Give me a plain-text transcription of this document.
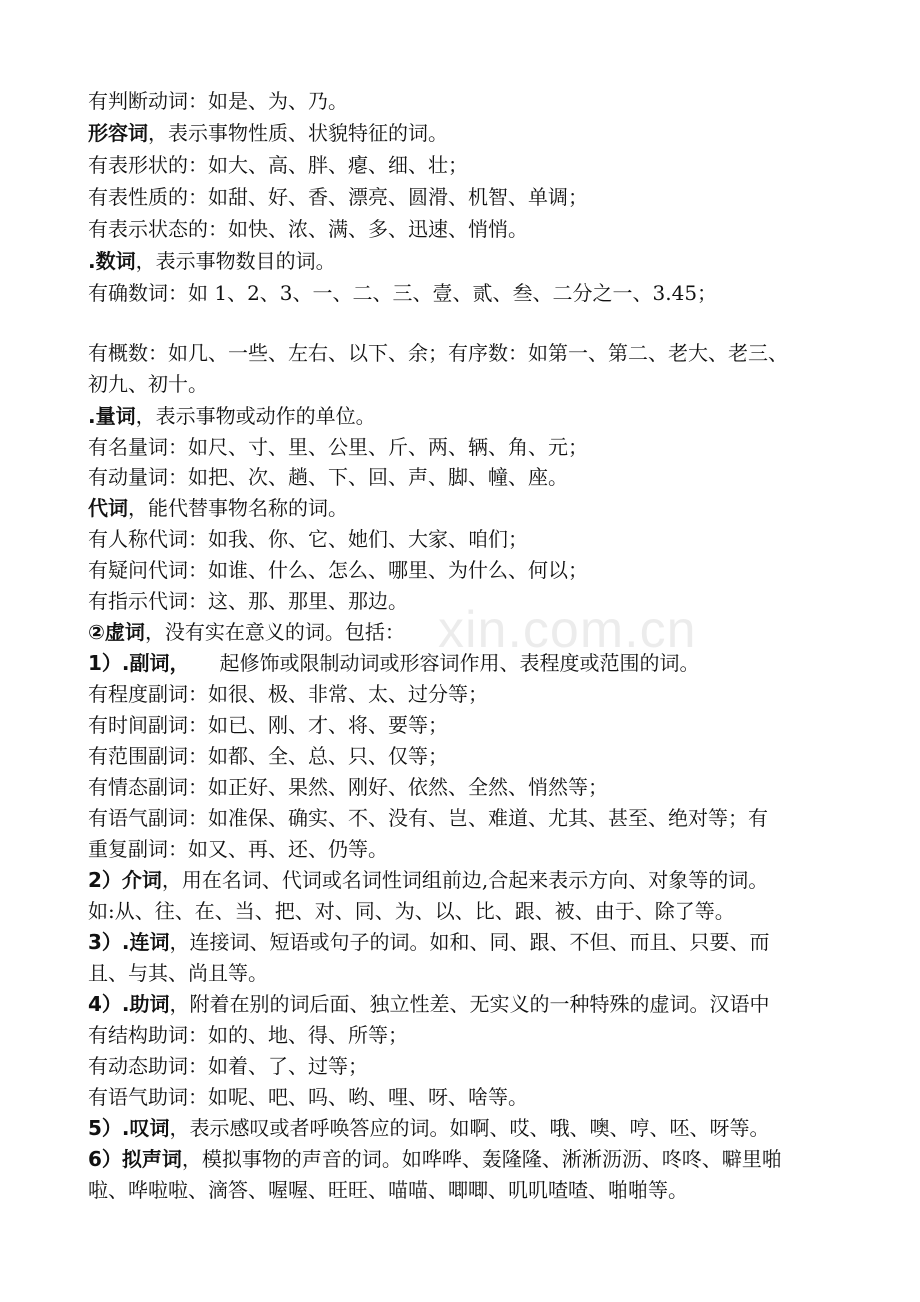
xin.com.cn
有判断动词：如是、为、乃。
形容词，表示事物性质、状貌特征的词。
有表形状的：如大、高、胖、瘪、细、壮；
有表性质的：如甜、好、香、漂亮、圆滑、机智、单调；
有表示状态的：如快、浓、满、多、迅速、悄悄。
.数词，表示事物数目的词。
有确数词：如 1、2、3、一、二、三、壹、贰、叁、二分之一、3.45；
有概数：如几、一些、左右、以下、余；有序数：如第一、第二、老大、老三、
初九、初十。
.量词，表示事物或动作的单位。
有名量词：如尺、寸、里、公里、斤、两、辆、角、元；
有动量词：如把、次、趟、下、回、声、脚、幢、座。
代词，能代替事物名称的词。
有人称代词：如我、你、它、她们、大家、咱们；
有疑问代词：如谁、什么、怎么、哪里、为什么、何以；
有指示代词：这、那、那里、那边。
②虚词，没有实在意义的词。包括：
1）.副词， 起修饰或限制动词或形容词作用、表程度或范围的词。
有程度副词：如很、极、非常、太、过分等；
有时间副词：如已、刚、才、将、要等；
有范围副词：如都、全、总、只、仅等；
有情态副词：如正好、果然、刚好、依然、全然、悄然等；
有语气副词：如准保、确实、不、没有、岂、难道、尤其、甚至、绝对等；有
重复副词：如又、再、还、仍等。
2）介词，用在名词、代词或名词性词组前边,合起来表示方向、对象等的词。
如:从、往、在、当、把、对、同、为、以、比、跟、被、由于、除了等。
3）.连词，连接词、短语或句子的词。如和、同、跟、不但、而且、只要、而
且、与其、尚且等。
4）.助词，附着在别的词后面、独立性差、无实义的一种特殊的虚词。汉语中
有结构助词：如的、地、得、所等；
有动态助词：如着、了、过等；
有语气助词：如呢、吧、吗、哟、哩、呀、啥等。
5）.叹词，表示感叹或者呼唤答应的词。如啊、哎、哦、噢、哼、呸、呀等。
6）拟声词，模拟事物的声音的词。如哗哗、轰隆隆、淅淅沥沥、咚咚、噼里啪
啦、哗啦啦、滴答、喔喔、旺旺、喵喵、唧唧、叽叽喳喳、啪啪等。
